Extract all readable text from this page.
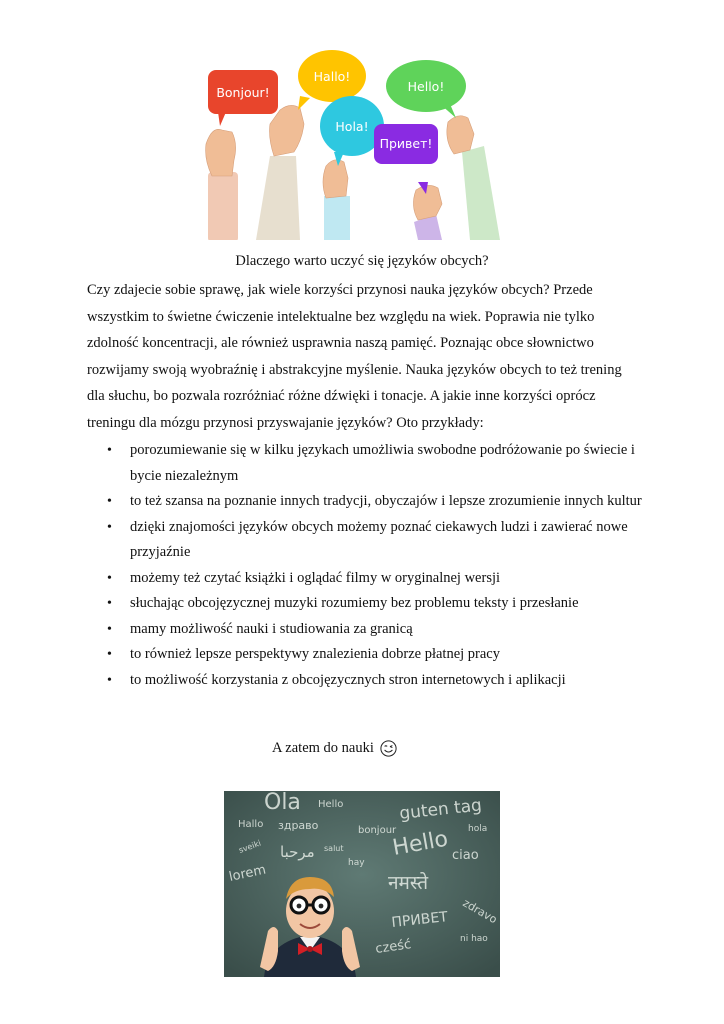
Bonjour!
Hallo!
Hello!
Hola!
Привет!
Dlaczego warto uczyć się języków obcych?
Czy zdajecie sobie sprawę, jak wiele korzyści przynosi nauka języków obcych? Przede
wszystkim to świetne ćwiczenie intelektualne bez względu na wiek. Poprawia nie tylko
zdolność koncentracji, ale również usprawnia naszą pamięć. Poznając obce słownictwo
rozwijamy swoją wyobraźnię i abstrakcyjne myślenie. Nauka języków obcych to też trening
dla słuchu, bo pozwala rozróżniać różne dźwięki i tonacje. A jakie inne korzyści oprócz
treningu dla mózgu przynosi przyswajanie języków? Oto przykłady:
• porozumiewanie się w kilku językach umożliwia swobodne podróżowanie po świecie i bycie niezależnym
• to też szansa na poznanie innych tradycji, obyczajów i lepsze zrozumienie innych kultur
• dzięki znajomości języków obcych możemy poznać ciekawych ludzi i zawierać nowe przyjaźnie
• możemy też czytać książki i oglądać filmy w oryginalnej wersji
• słuchając obcojęzycznej muzyki rozumiemy bez problemu teksty i przesłanie
• mamy możliwość nauki i studiowania za granicą
• to również lepsze perspektywy znalezienia dobrze płatnej pracy
• to możliwość korzystania z obcojęzycznych stron internetowych i aplikacji
A zatem do nauki
Ola Hello	guten tag
Hallo здраво	bonjour
Hello ciao
مرحبا
lorem	नमस्ते
ПРИВЕТ
cześć
zdravo
hola
hay
sveiki	salut
ni hao
